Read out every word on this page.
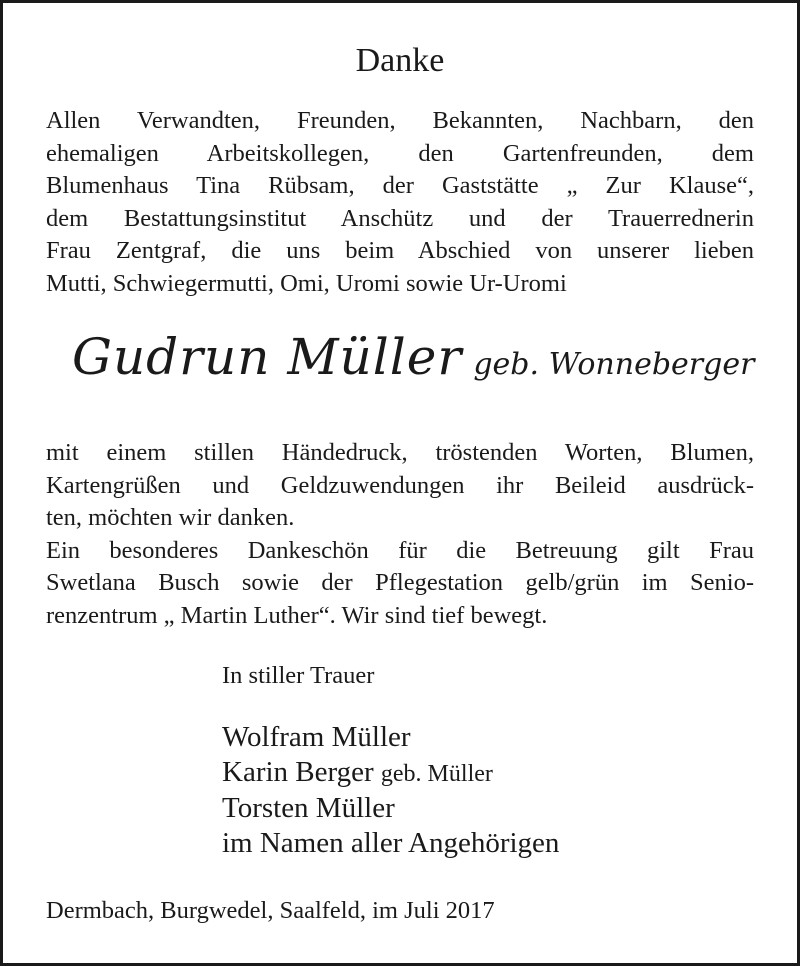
Danke
Allen Verwandten, Freunden, Bekannten, Nachbarn, den
ehemaligen Arbeitskollegen, den Gartenfreunden, dem
Blumenhaus Tina Rübsam, der Gaststätte „ Zur Klause“,
dem Bestattungsinstitut Anschütz und der Trauerrednerin
Frau Zentgraf, die uns beim Abschied von unserer lieben
Mutti, Schwiegermutti, Omi, Uromi sowie Ur-Uromi
Gudrun Müller geb. Wonneberger
mit einem stillen Händedruck, tröstenden Worten, Blumen,
Kartengrüßen und Geldzuwendungen ihr Beileid ausdrück-
ten, möchten wir danken.
Ein besonderes Dankeschön für die Betreuung gilt Frau
Swetlana Busch sowie der Pflegestation gelb/grün im Senio-
renzentrum „ Martin Luther“. Wir sind tief bewegt.
In stiller Trauer
Wolfram Müller
Karin Berger geb. Müller
Torsten Müller
im Namen aller Angehörigen
Dermbach, Burgwedel, Saalfeld, im Juli 2017
